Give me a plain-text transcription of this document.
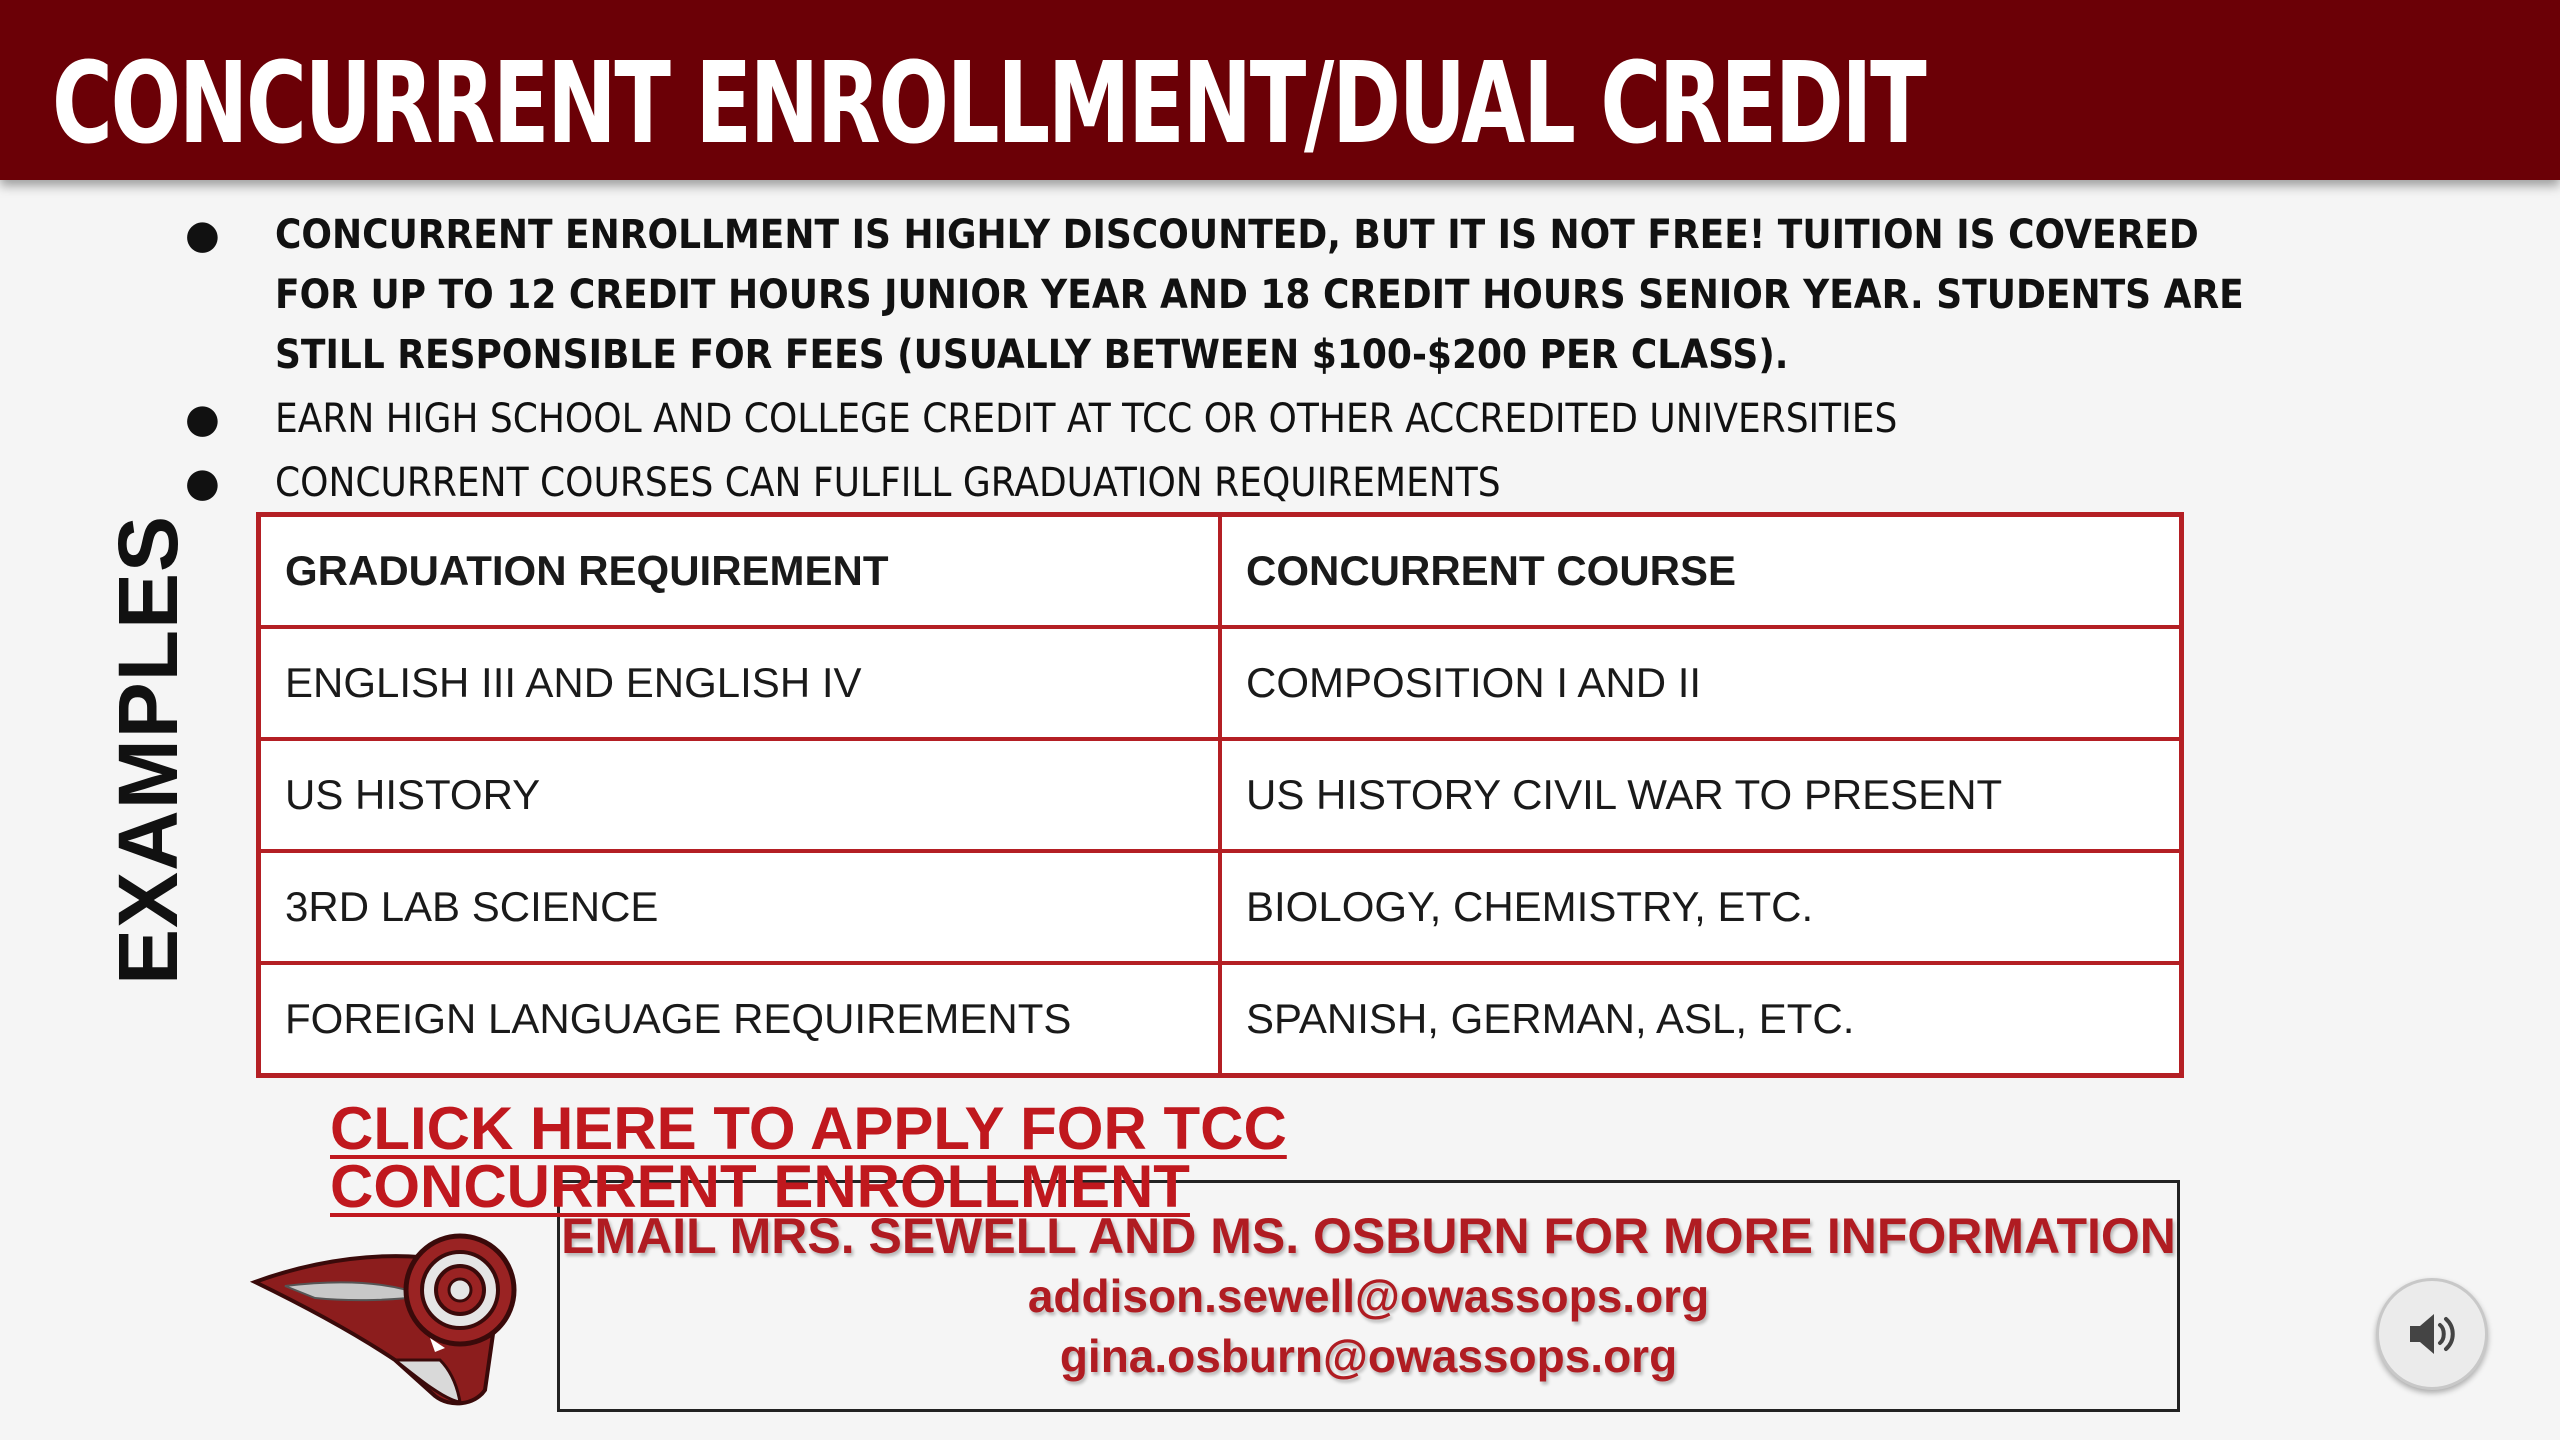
CONCURRENT ENROLLMENT/DUAL CREDIT
● CONCURRENT ENROLLMENT IS HIGHLY DISCOUNTED, BUT IT IS NOT FREE! TUITION IS COVERED FOR UP TO 12 CREDIT HOURS JUNIOR YEAR AND 18 CREDIT HOURS SENIOR YEAR. STUDENTS ARE STILL RESPONSIBLE FOR FEES (USUALLY BETWEEN $100-$200 PER CLASS).
● EARN HIGH SCHOOL AND COLLEGE CREDIT AT TCC OR OTHER ACCREDITED UNIVERSITIES
● CONCURRENT COURSES CAN FULFILL GRADUATION REQUIREMENTS
EXAMPLES GRADUATION REQUIREMENT	CONCURRENT COURSE
ENGLISH III AND ENGLISH IV	COMPOSITION I AND II
US HISTORY	US HISTORY CIVIL WAR TO PRESENT
3RD LAB SCIENCE	BIOLOGY, CHEMISTRY, ETC.
FOREIGN LANGUAGE REQUIREMENTS	SPANISH, GERMAN, ASL, ETC.
EMAIL MRS. SEWELL AND MS. OSBURN FOR MORE INFORMATION
addison.sewell@owassops.org
gina.osburn@owassops.org
CLICK HERE TO APPLY FOR TCC CONCURRENT ENROLLMENT
